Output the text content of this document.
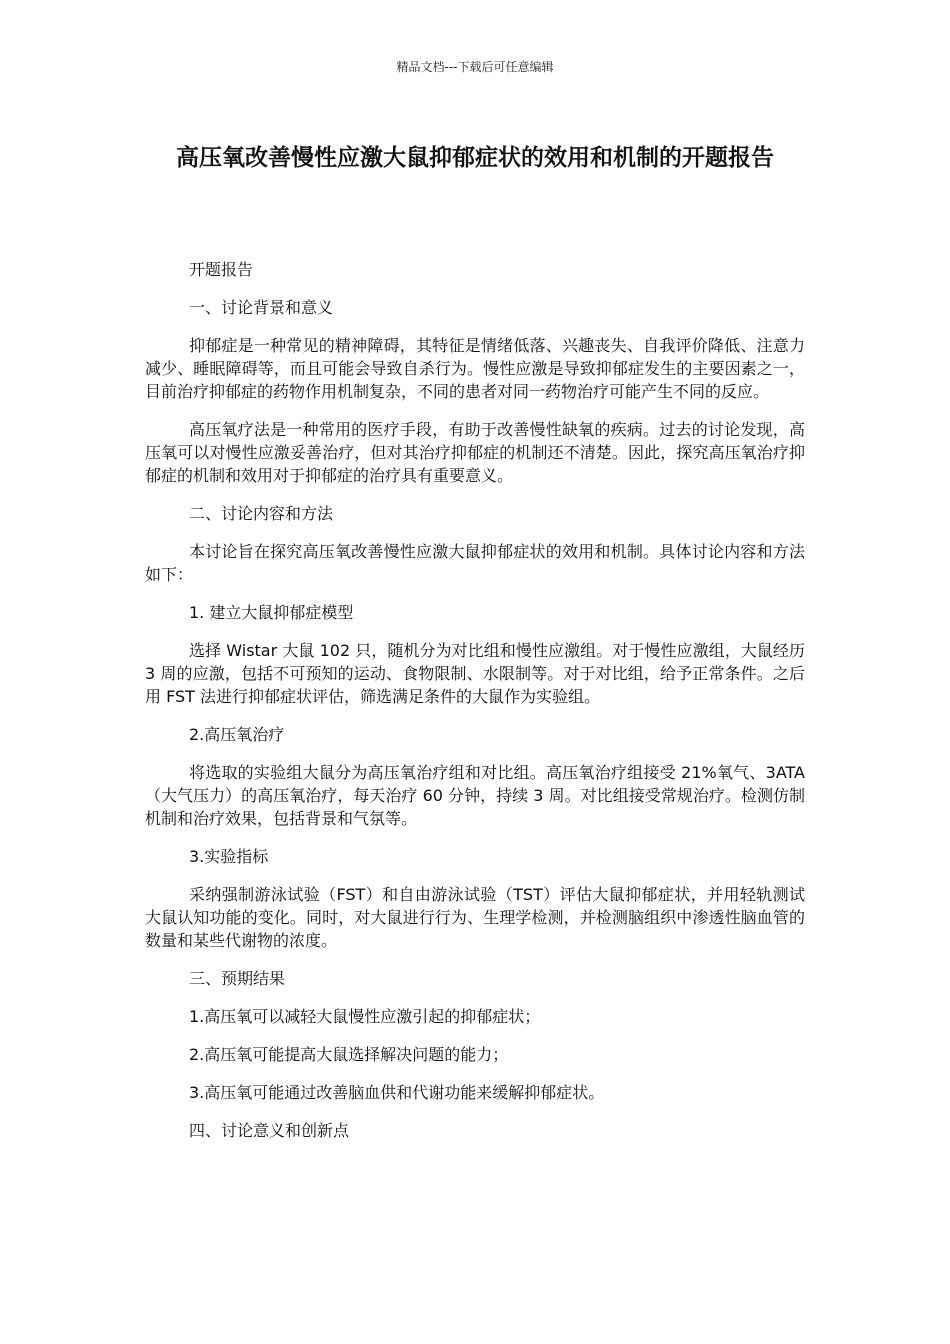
精品文档---下载后可任意编辑
高压氧改善慢性应激大鼠抑郁症状的效用和机制的开题报告

开题报告

一、讨论背景和意义

抑郁症是一种常见的精神障碍，其特征是情绪低落、兴趣丧失、自我评价降低、注意力减少、睡眠障碍等，而且可能会导致自杀行为。慢性应激是导致抑郁症发生的主要因素之一，目前治疗抑郁症的药物作用机制复杂，不同的患者对同一药物治疗可能产生不同的反应。

高压氧疗法是一种常用的医疗手段，有助于改善慢性缺氧的疾病。过去的讨论发现，高压氧可以对慢性应激妥善治疗，但对其治疗抑郁症的机制还不清楚。因此，探究高压氧治疗抑郁症的机制和效用对于抑郁症的治疗具有重要意义。

二、讨论内容和方法

本讨论旨在探究高压氧改善慢性应激大鼠抑郁症状的效用和机制。具体讨论内容和方法如下：

1. 建立大鼠抑郁症模型

选择 Wistar 大鼠 102 只，随机分为对比组和慢性应激组。对于慢性应激组，大鼠经历 3 周的应激，包括不可预知的运动、食物限制、水限制等。对于对比组，给予正常条件。之后用 FST 法进行抑郁症状评估，筛选满足条件的大鼠作为实验组。

2.高压氧治疗

将选取的实验组大鼠分为高压氧治疗组和对比组。高压氧治疗组接受 21%氧气、3ATA（大气压力）的高压氧治疗，每天治疗 60 分钟，持续 3 周。对比组接受常规治疗。检测仿制机制和治疗效果，包括背景和气氛等。

3.实验指标

采纳强制游泳试验（FST）和自由游泳试验（TST）评估大鼠抑郁症状，并用轻轨测试大鼠认知功能的变化。同时，对大鼠进行行为、生理学检测，并检测脑组织中渗透性脑血管的数量和某些代谢物的浓度。

三、预期结果

1.高压氧可以减轻大鼠慢性应激引起的抑郁症状；

2.高压氧可能提高大鼠选择解决问题的能力；

3.高压氧可能通过改善脑血供和代谢功能来缓解抑郁症状。

四、讨论意义和创新点
